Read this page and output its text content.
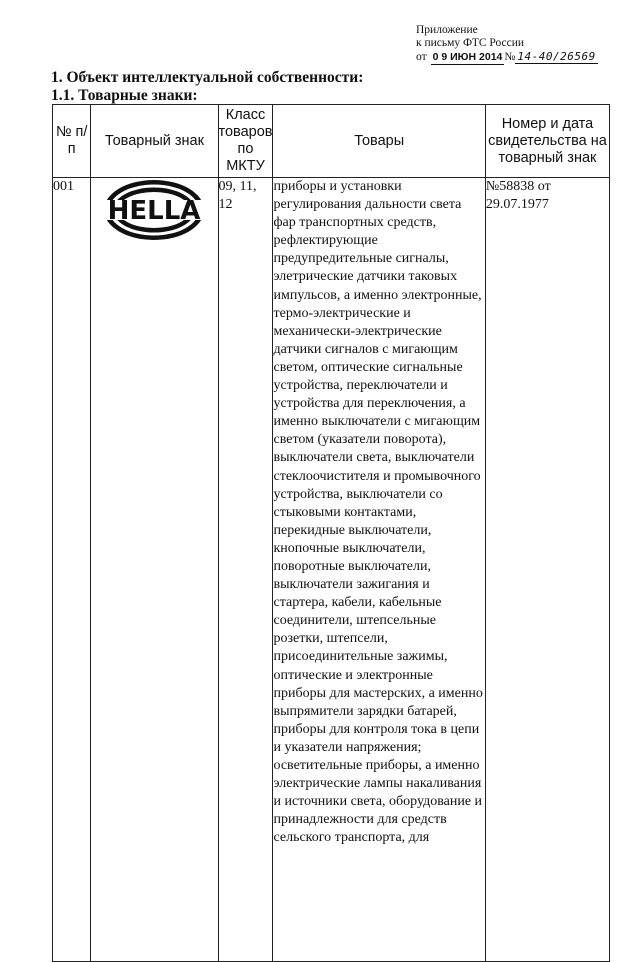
Приложение
к письму ФТС России
от 0 9 ИЮН 2014 № 14-40/26569
1. Объект интеллектуальной собственности:
1.1. Товарные знаки:
№ п/п	Товарный знак	Класс товаров по МКТУ	Товары	Номер и дата свидетельства на товарный знак
001	HELLA	09, 11, 12	приборы и установки регулирования дальности света фар транспортных средств, рефлектирующие предупредительные сигналы, элетрические датчики таковых импульсов, а именно электронные, термо-электрические и механически-электрические датчики сигналов с мигающим светом, оптические сигнальные устройства, переключатели и устройства для переключения, а именно выключатели с мигающим светом (указатели поворота), выключатели света, выключатели стеклоочистителя и промывочного устройства, выключатели со стыковыми контактами, перекидные выключатели, кнопочные выключатели, поворотные выключатели, выключатели зажигания и стартера, кабели, кабельные соединители, штепсельные розетки, штепсели, присоединительные зажимы, оптические и электронные приборы для мастерских, а именно выпрямители зарядки батарей, приборы для контроля тока в цепи и указатели напряжения; осветительные приборы, а именно электрические лампы накаливания и источники света, оборудование и принадлежности для средств сельского транспорта, для	№58838 от 29.07.1977
